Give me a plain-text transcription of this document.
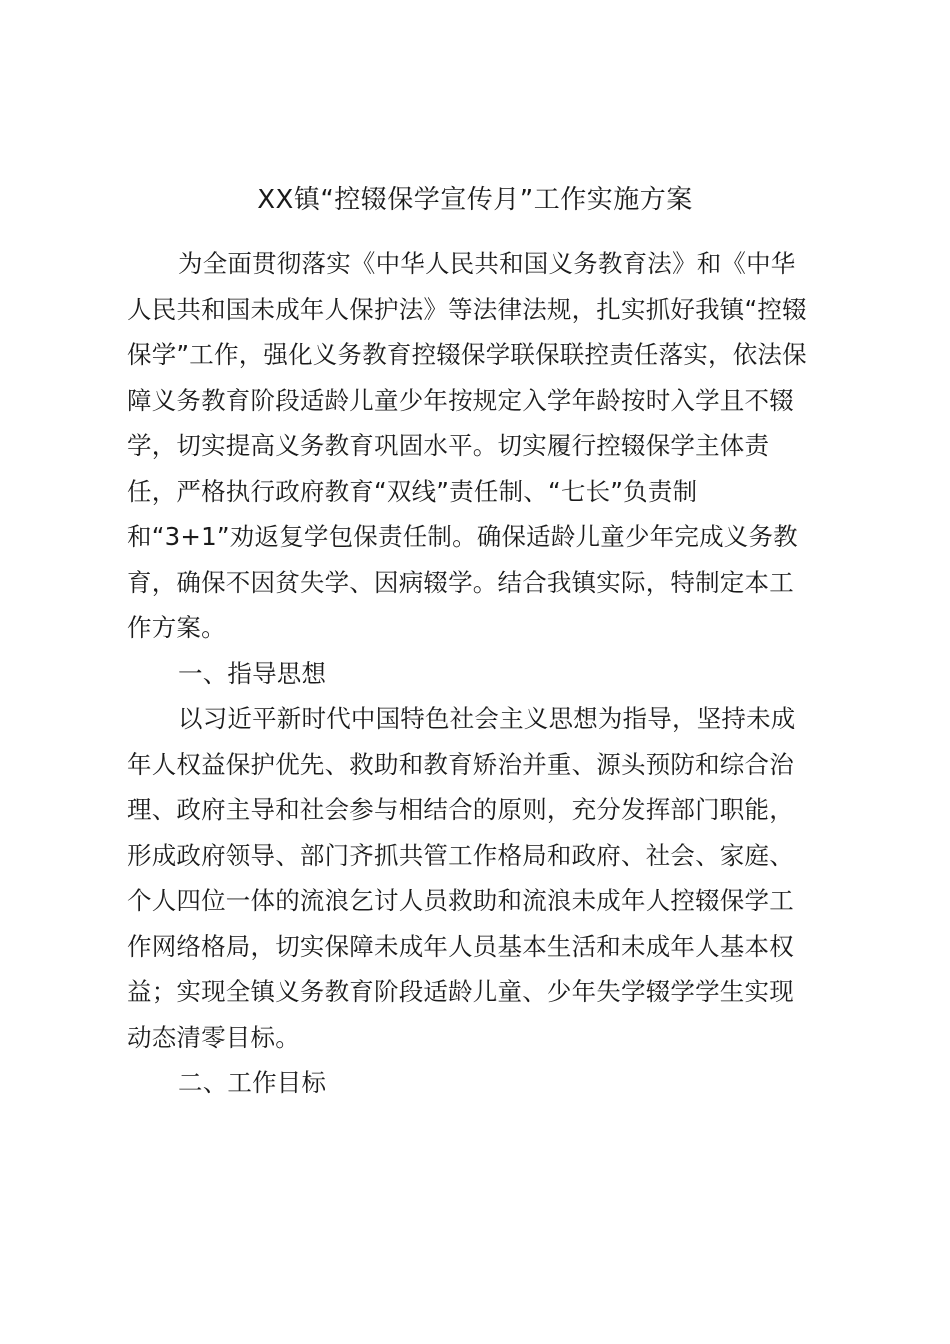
XX镇“控辍保学宣传月”工作实施方案
为全面贯彻落实《中华人民共和国义务教育法》和《中华
人民共和国未成年人保护法》等法律法规，扎实抓好我镇“控辍
保学”工作，强化义务教育控辍保学联保联控责任落实，依法保
障义务教育阶段适龄儿童少年按规定入学年龄按时入学且不辍
学，切实提高义务教育巩固水平。切实履行控辍保学主体责
任，严格执行政府教育“双线”责任制、“七长”负责制
和“3+1”劝返复学包保责任制。确保适龄儿童少年完成义务教
育，确保不因贫失学、因病辍学。结合我镇实际，特制定本工
作方案。
一、指导思想
以习近平新时代中国特色社会主义思想为指导，坚持未成
年人权益保护优先、救助和教育矫治并重、源头预防和综合治
理、政府主导和社会参与相结合的原则，充分发挥部门职能，
形成政府领导、部门齐抓共管工作格局和政府、社会、家庭、
个人四位一体的流浪乞讨人员救助和流浪未成年人控辍保学工
作网络格局，切实保障未成年人员基本生活和未成年人基本权
益；实现全镇义务教育阶段适龄儿童、少年失学辍学学生实现
动态清零目标。
二、工作目标
